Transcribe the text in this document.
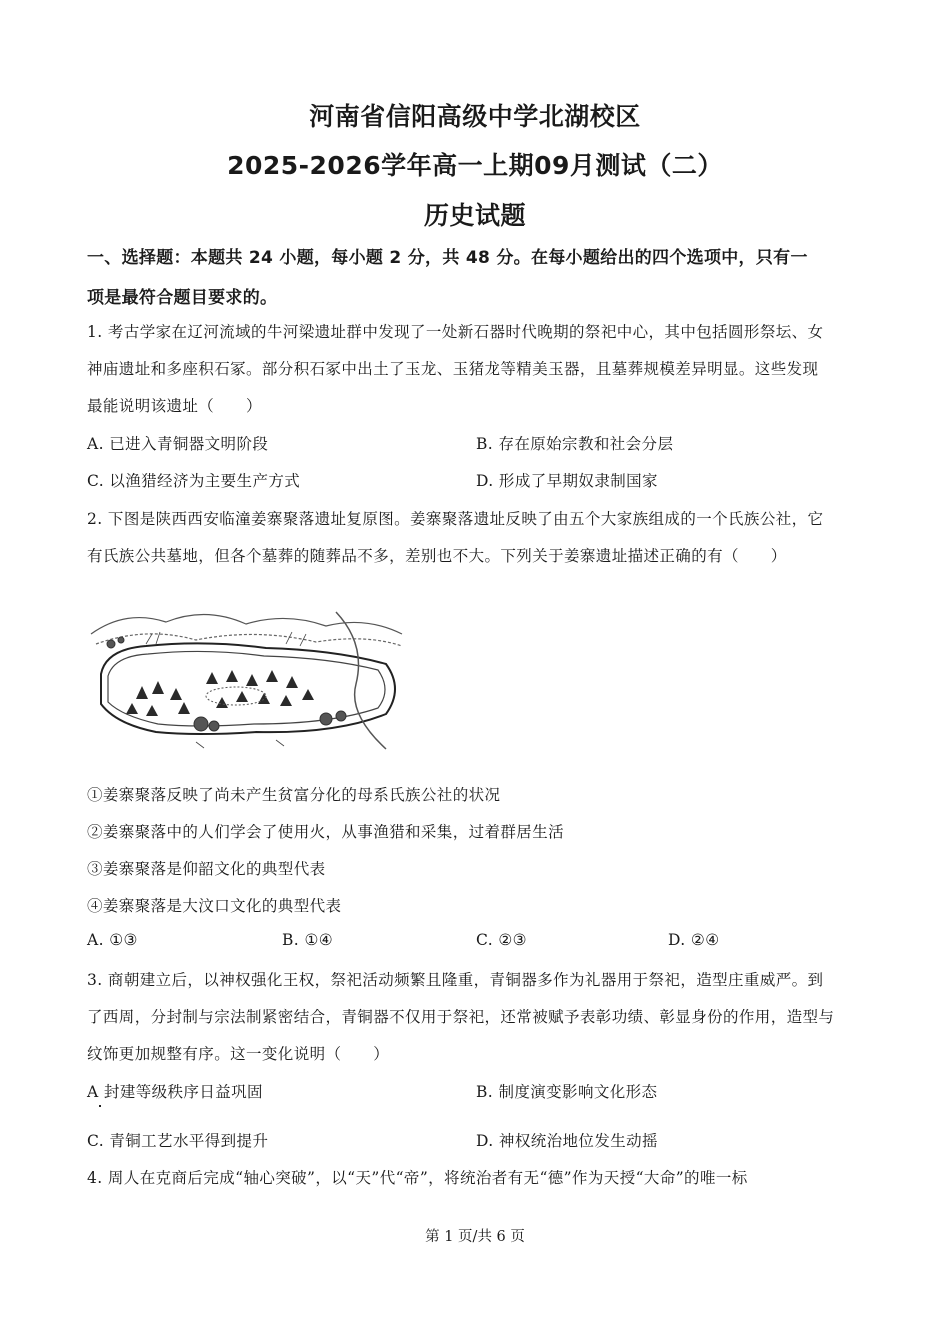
河南省信阳高级中学北湖校区
2025-2026学年高一上期09月测试（二）
历史试题
一、选择题：本题共 24 小题，每小题 2 分，共 48 分。在每小题给出的四个选项中，只有一
项是最符合题目要求的。
1. 考古学家在辽河流域的牛河梁遗址群中发现了一处新石器时代晚期的祭祀中心，其中包括圆形祭坛、女
神庙遗址和多座积石冢。部分积石冢中出土了玉龙、玉猪龙等精美玉器，且墓葬规模差异明显。这些发现
最能说明该遗址（　　）
A. 已进入青铜器文明阶段	B. 存在原始宗教和社会分层
C. 以渔猎经济为主要生产方式	D. 形成了早期奴隶制国家
2. 下图是陕西西安临潼姜寨聚落遗址复原图。姜寨聚落遗址反映了由五个大家族组成的一个氏族公社，它
有氏族公共墓地，但各个墓葬的随葬品不多，差别也不大。下列关于姜寨遗址描述正确的有（　　）
①姜寨聚落反映了尚未产生贫富分化的母系氏族公社的状况
②姜寨聚落中的人们学会了使用火，从事渔猎和采集，过着群居生活
③姜寨聚落是仰韶文化的典型代表
④姜寨聚落是大汶口文化的典型代表
A. ①③	B. ①④	C. ②③	D. ②④
3. 商朝建立后，以神权强化王权，祭祀活动频繁且隆重，青铜器多作为礼器用于祭祀，造型庄重威严。到
了西周，分封制与宗法制紧密结合，青铜器不仅用于祭祀，还常被赋予表彰功绩、彰显身份的作用，造型与
纹饰更加规整有序。这一变化说明（　　）
A 封建等级秩序日益巩固	B. 制度演变影响文化形态
C. 青铜工艺水平得到提升	D. 神权统治地位发生动摇
4. 周人在克商后完成“轴心突破”，以“天”代“帝”，将统治者有无“德”作为天授“大命”的唯一标
第 1 页/共 6 页
